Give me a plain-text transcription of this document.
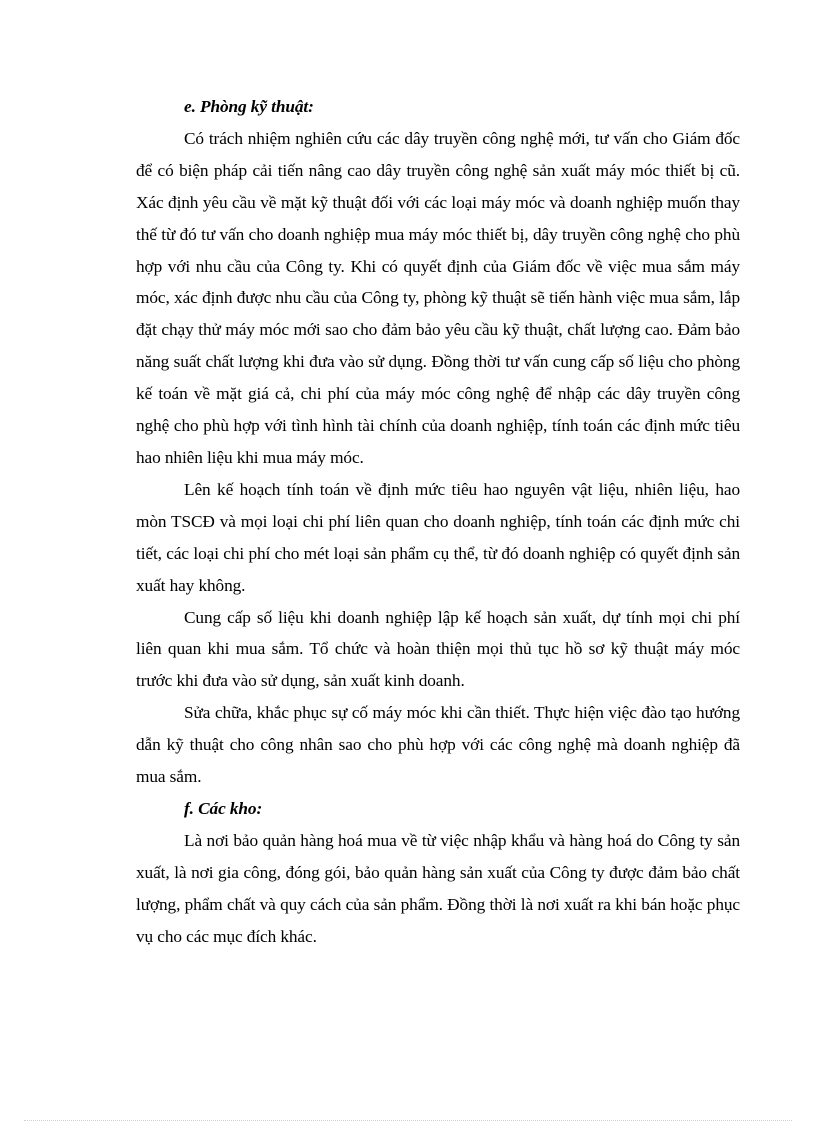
e. Phòng kỹ thuật:

Có trách nhiệm nghiên cứu các dây truyền công nghệ mới, tư vấn cho Giám đốc để có biện pháp cải tiến nâng cao dây truyền công nghệ sản xuất máy móc thiết bị cũ. Xác định yêu cầu về mặt kỹ thuật đối với các loại máy móc và doanh nghiệp muốn thay thế từ đó tư vấn cho doanh nghiệp mua máy móc thiết bị, dây truyền công nghệ cho phù hợp với nhu cầu của Công ty. Khi có quyết định của Giám đốc về việc mua sắm máy móc, xác định được nhu cầu của Công ty, phòng kỹ thuật sẽ tiến hành việc mua sắm, lắp đặt chạy thử máy móc mới sao cho đảm bảo yêu cầu kỹ thuật, chất lượng cao. Đảm bảo năng suất chất lượng khi đưa vào sử dụng. Đồng thời tư vấn cung cấp số liệu cho phòng kế toán về mặt giá cả, chi phí của máy móc công nghệ để nhập các dây truyền công nghệ cho phù hợp với tình hình tài chính của doanh nghiệp, tính toán các định mức tiêu hao nhiên liệu khi mua máy móc.

Lên kế hoạch tính toán về định mức tiêu hao nguyên vật liệu, nhiên liệu, hao mòn TSCĐ và mọi loại chi phí liên quan cho doanh nghiệp, tính toán các định mức chi tiết, các loại chi phí cho mét loại sản phẩm cụ thể, từ đó doanh nghiệp có quyết định sản xuất hay không.

Cung cấp số liệu khi doanh nghiệp lập kế hoạch sản xuất, dự tính mọi chi phí liên quan khi mua sắm. Tổ chức và hoàn thiện mọi thủ tục hồ sơ kỹ thuật máy móc trước khi đưa vào sử dụng, sản xuất kinh doanh.

Sửa chữa, khắc phục sự cố máy móc khi cần thiết. Thực hiện việc đào tạo hướng dẫn kỹ thuật cho công nhân sao cho phù hợp với các công nghệ mà doanh nghiệp đã mua sắm.

f. Các kho:

Là nơi bảo quản hàng hoá mua về từ việc nhập khẩu và hàng hoá do Công ty sản xuất, là nơi gia công, đóng gói, bảo quản hàng sản xuất của Công ty được đảm bảo chất lượng, phẩm chất và quy cách của sản phẩm. Đồng thời là nơi xuất ra khi bán hoặc phục vụ cho các mục đích khác.
